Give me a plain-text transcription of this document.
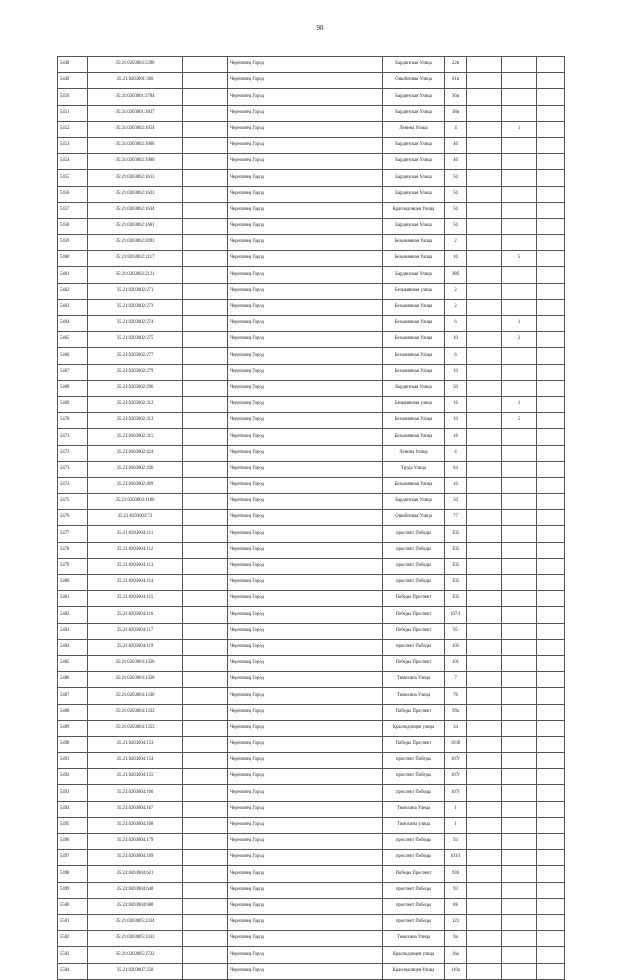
98
5448	35:21:0203003:5390		Череповец Город	Бардинская Улица	22в			
5449	35:21:0203001:360		Череповец Город	Ошибочная Улица	61в			
5450	35:21:0203001:3784		Череповец Город	Бардинская Улица	36в			
5451	35:21:0203001:3837		Череповец Город	Бардинская Улица	38в			
5452	35:21:0203002:1054		Череповец Город	Ленина Улица	4		1	
5453	35:21:0203002:1066		Череповец Город	Бардинская Улица	46			
5454	35:21:0203002:1080		Череповец Город	Бардинская Улица	46			
5455	35:21:0203002:1613		Череповец Город	Бардинская Улица	50			
5456	35:21:0203002:1623		Череповец Город	Бардинская Улица	50			
5457	35:21:0203002:1634		Череповец Город	Краснодонцев Улица	50			
5458	35:21:0203002:1661		Череповец Город	Бардинская Улица	50			
5459	35:21:0203002:2093		Череповец Город	Безымянная Улица	2			
5460	35:21:0203002:2117		Череповец Город	Безымянная Улица	10		5	
5461	35:21:0203002:2121		Череповец Город	Бардинская Улица	38б			
5462	35:21:0203002:271		Череповец Город	Безымянная улица	2			
5463	35:21:0203002:273		Череповец Город	Безымянная Улица	2			
5464	35:21:0203002:274		Череповец Город	Безымянная Улица	6		1	
5465	35:21:0203002:275		Череповец Город	Безымянная Улица	10		2	
5466	35:21:0203002:277		Череповец Город	Безымянная Улица	6			
5467	35:21:0203002:279		Череповец Город	Безымянная Улица	10			
5468	35:21:0203002:296		Череповец Город	Бардинская Улица	50			
5469	35:21:0203002:312		Череповец Город	Безымянная улица	16		1	
5470	35:21:0203002:313		Череповец Город	Безымянная Улица	10		5	
5471	35:21:0203002:315		Череповец Город	Безымянная Улица	18			
5472	35:21:0203002:424		Череповец Город	Ленина Улица	4			
5473	35:21:0203002:436		Череповец Город	Труда Улица	64			
5474	35:21:0203002:409		Череповец Город	Безымянная Улица	16			
5475	35:21:0203003:1106		Череповец Город	Бардинская Улица	50			
5476	35:21:0203003:73		Череповец Город	Ошибочная Улица	77			
5477	35:21:0203004:111		Череповец Город	проспект Победы	105			
5478	35:21:0203004:112		Череповец Город	проспект Победы	105			
5479	35:21:0203004:113		Череповец Город	проспект Победы	105			
5480	35:21:0203004:114		Череповец Город	проспект Победы	105			
5481	35:21:0203004:115		Череповец Город	Победы Проспект	105			
5482	35:21:0203004:116		Череповец Город	Победы Проспект	107/1			
5483	35:21:0203004:117		Череповец Город	Победы Проспект	95			
5484	35:21:0203004:119		Череповец Город	проспект Победы	105			
5485	35:21:0203004:1326		Череповец Город	Победы Проспект	101			
5486	35:21:0203004:1328		Череповец Город	Тимохина Улица	7			
5487	35:21:0203004:1330		Череповец Город	Тимохина Улица	76			
5488	35:21:0203004:1332		Череповец Город	Победы Проспект	99а			
5489	35:21:0203004:1353		Череповец Город	Краснодонцев улица	34			
5490	35:21:0203004:153		Череповец Город	Победы Проспект	103б			
5491	35:21:0203004:154		Череповец Город	проспект Победы	107г			
5492	35:21:0203004:155		Череповец Город	проспект Победы	107г			
5493	35:21:0203004:160		Череповец Город	проспект Победы	107г			
5494	35:21:0203004:167		Череповец Город	Тимохина Улица	1			
5495	35:21:0203004:168		Череповец Город	Тимохина улица	1			
5496	35:21:0203004:179		Череповец Город	проспект Победы	93			
5497	35:21:0203004:189		Череповец Город	проспект Победы	103/1			
5498	35:21:0203004:621		Череповец Город	Победы Проспект	93б			
5499	35:21:0203004:640		Череповец Город	проспект Победы	93			
5500	35:21:0203004:680		Череповец Город	проспект Победы	88			
5501	35:21:0203005:2334		Череповец Город	проспект Победы	123			
5502	35:21:0203005:3333		Череповец Город	Тимохина Улица	8а			
5503	35:21:0203005:3722		Череповец Город	Краснодонцев улица	36а			
5504	35:21:0203007:258		Череповец Город	Краснодонцев Улица	110а			
